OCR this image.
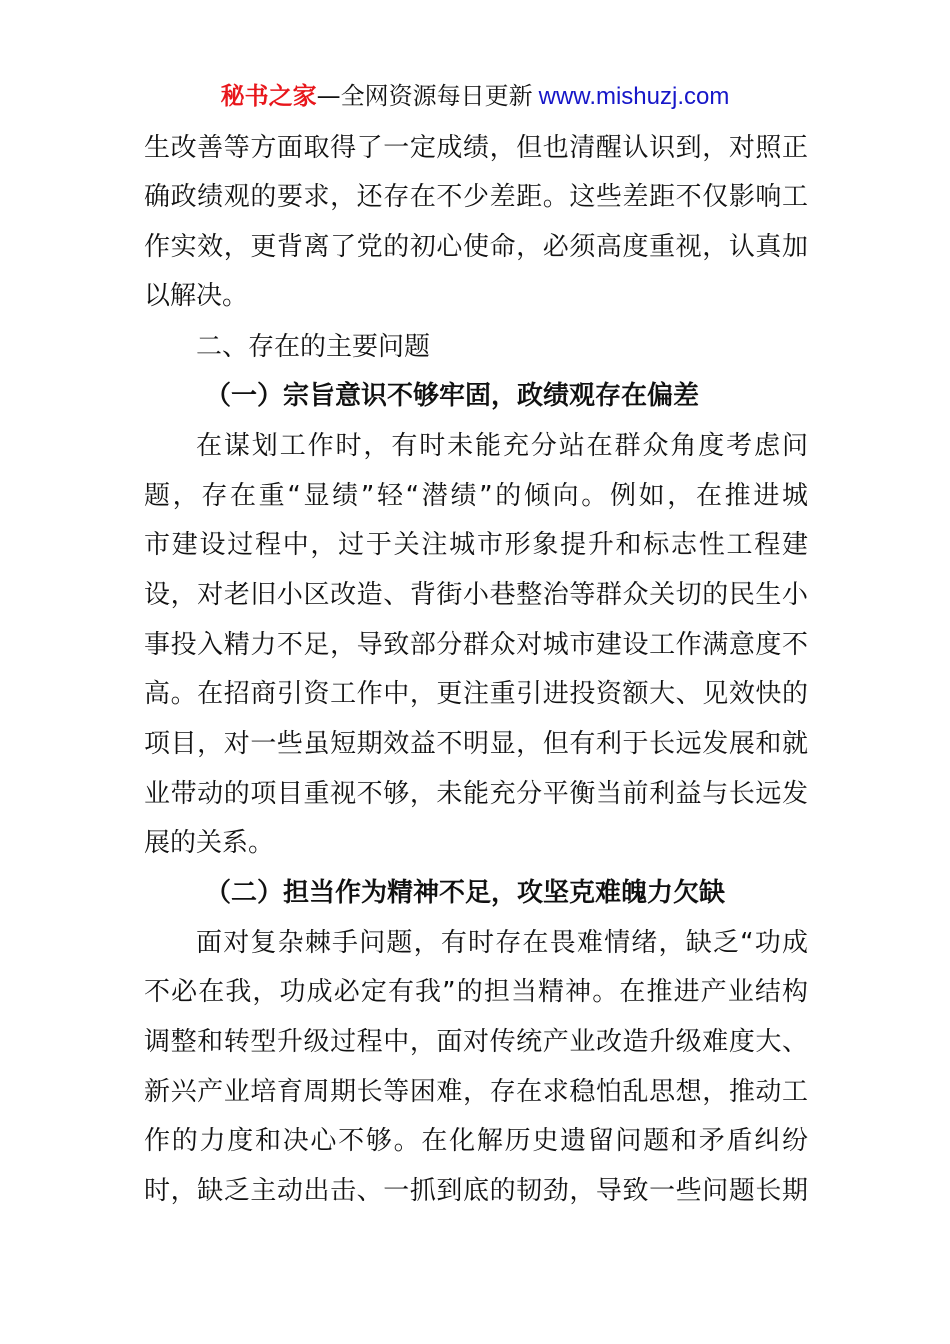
秘书之家—全网资源每日更新 www.mishuzj.com
生改善等方面取得了一定成绩，但也清醒认识到，对照正
确政绩观的要求，还存在不少差距。这些差距不仅影响工
作实效，更背离了党的初心使命，必须高度重视，认真加
以解决。
二、存在的主要问题
（一）宗旨意识不够牢固，政绩观存在偏差
在谋划工作时，有时未能充分站在群众角度考虑问
题，存在重“显绩”轻“潜绩”的倾向。例如，在推进城
市建设过程中，过于关注城市形象提升和标志性工程建
设，对老旧小区改造、背街小巷整治等群众关切的民生小
事投入精力不足，导致部分群众对城市建设工作满意度不
高。在招商引资工作中，更注重引进投资额大、见效快的
项目，对一些虽短期效益不明显，但有利于长远发展和就
业带动的项目重视不够，未能充分平衡当前利益与长远发
展的关系。
（二）担当作为精神不足，攻坚克难魄力欠缺
面对复杂棘手问题，有时存在畏难情绪，缺乏“功成
不必在我，功成必定有我”的担当精神。在推进产业结构
调整和转型升级过程中，面对传统产业改造升级难度大、
新兴产业培育周期长等困难，存在求稳怕乱思想，推动工
作的力度和决心不够。在化解历史遗留问题和矛盾纠纷
时，缺乏主动出击、一抓到底的韧劲，导致一些问题长期
